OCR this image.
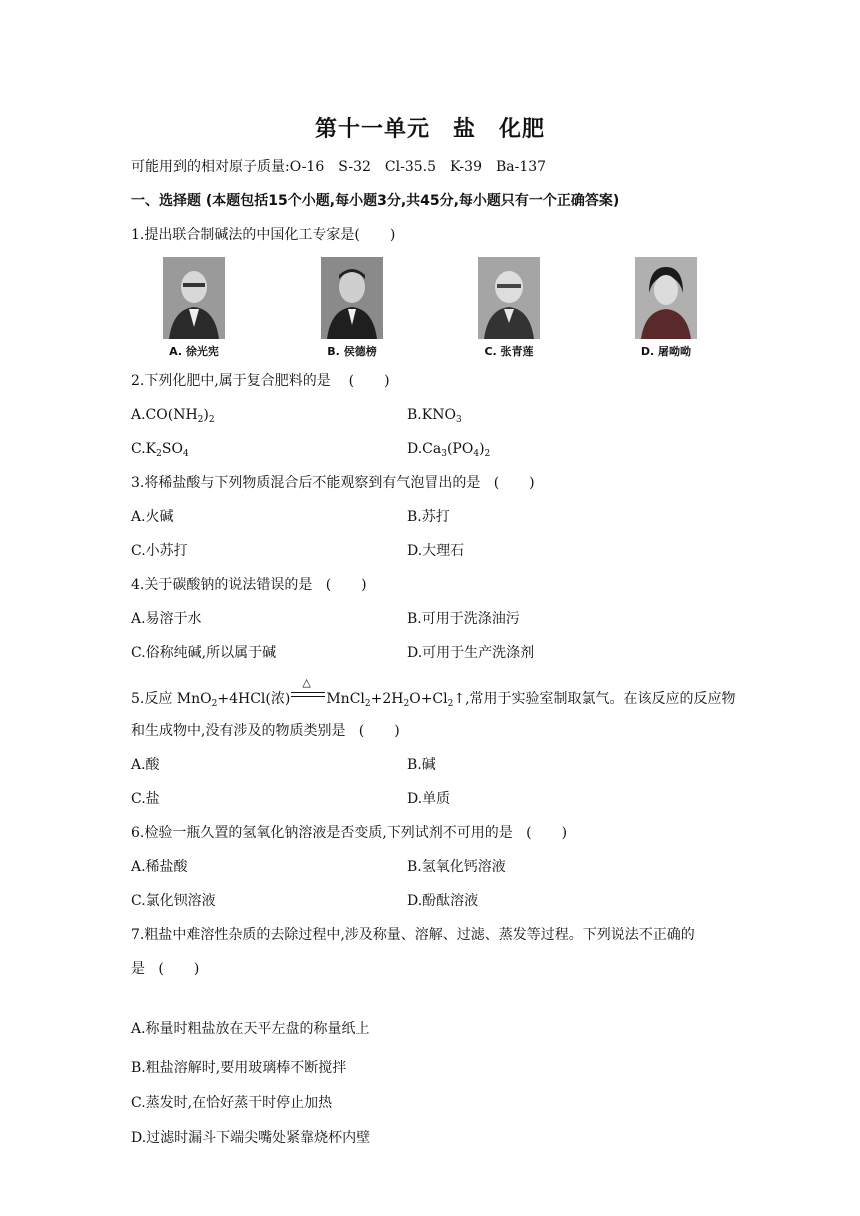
第十一单元　盐　化肥
可能用到的相对原子质量:O-16　S-32　Cl-35.5　K-39　Ba-137
一、选择题 (本题包括15个小题,每小题3分,共45分,每小题只有一个正确答案)
1.提出联合制碱法的中国化工专家是( )
A. 徐光宪	B. 侯德榜	C. 张青莲	D. 屠呦呦
2.下列化肥中,属于复合肥料的是    ( )
$A.CO(NH_2)_2$	$B.KNO_3$
$C.K_2SO_4$	$D.Ca_3(PO_4)_2$
3.将稀盐酸与下列物质混合后不能观察到有气泡冒出的是   ( )
A.火碱	B.苏打
C.小苏打	D.大理石
4.关于碳酸钠的说法错误的是   ( )
A.易溶于水	B.可用于洗涤油污
C.俗称纯碱,所以属于碱	D.可用于生产洗涤剂
5.反应 MnO$_2$+4HCl(浓)
△
$MnCl_2+2H_2O+Cl_2↑$,常用于实验室制取氯气。在该反应的反应物
和生成物中,没有涉及的物质类别是   ( )
A.酸	B.碱
C.盐	D.单质
6.检验一瓶久置的氢氧化钠溶液是否变质,下列试剂不可用的是   ( )
A.稀盐酸	B.氢氧化钙溶液
C.氯化钡溶液	D.酚酞溶液
7.粗盐中难溶性杂质的去除过程中,涉及称量、溶解、过滤、蒸发等过程。下列说法不正确的
是   ( )
A.称量时粗盐放在天平左盘的称量纸上
B.粗盐溶解时,要用玻璃棒不断搅拌
C.蒸发时,在恰好蒸干时停止加热
D.过滤时漏斗下端尖嘴处紧靠烧杯内壁
